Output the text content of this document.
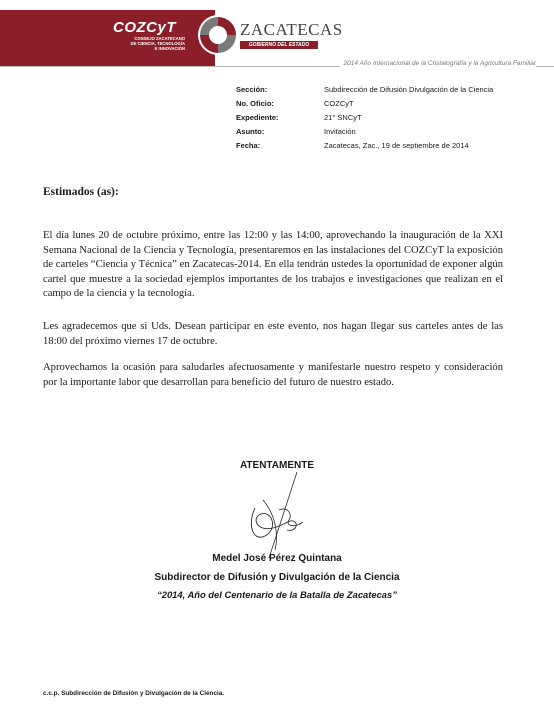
COZCyT
CONSEJO ZACATECANO
DE CIENCIA, TECNOLOGÍA
E INNOVACIÓN
ZACATECAS
GOBIERNO DEL ESTADO
2014 Año Internacional de la Cristalografía y la Agricultura Familiar
Sección:	Subdirección de Difusión Divulgación de la Ciencia
No. Oficio:	COZCyT
Expediente:	21° SNCyT
Asunto:	Invitación
Fecha:	Zacatecas, Zac., 19 de septiembre de 2014
Estimados (as):
El día lunes 20 de octubre próximo, entre las 12:00 y las 14:00, aprovechando la inauguración de la XXI Semana Nacional de la Ciencia y Tecnología, presentaremos en las instalaciones del COZCyT la exposición de carteles “Ciencia y Técnica” en Zacatecas-2014. En ella tendrán ustedes la oportunidad de exponer algún cartel que muestre a la sociedad ejemplos importantes de los trabajos e investigaciones que realizan en el campo de la ciencia y la tecnología.
Les agradecemos que si Uds. Desean participar en este evento, nos hagan llegar sus carteles antes de las 18:00 del próximo viernes 17 de octubre.
Aprovechamos la ocasión para saludarles afectuosamente y manifestarle nuestro respeto y consideración por la importante labor que desarrollan para beneficio del futuro de nuestro estado.
ATENTAMENTE
Medel José Pérez Quintana
Subdirector de Difusión y Divulgación de la Ciencia
“2014, Año del Centenario de la Batalla de Zacatecas”
c.c.p. Subdirección de Difusión y Divulgación de la Ciencia.
